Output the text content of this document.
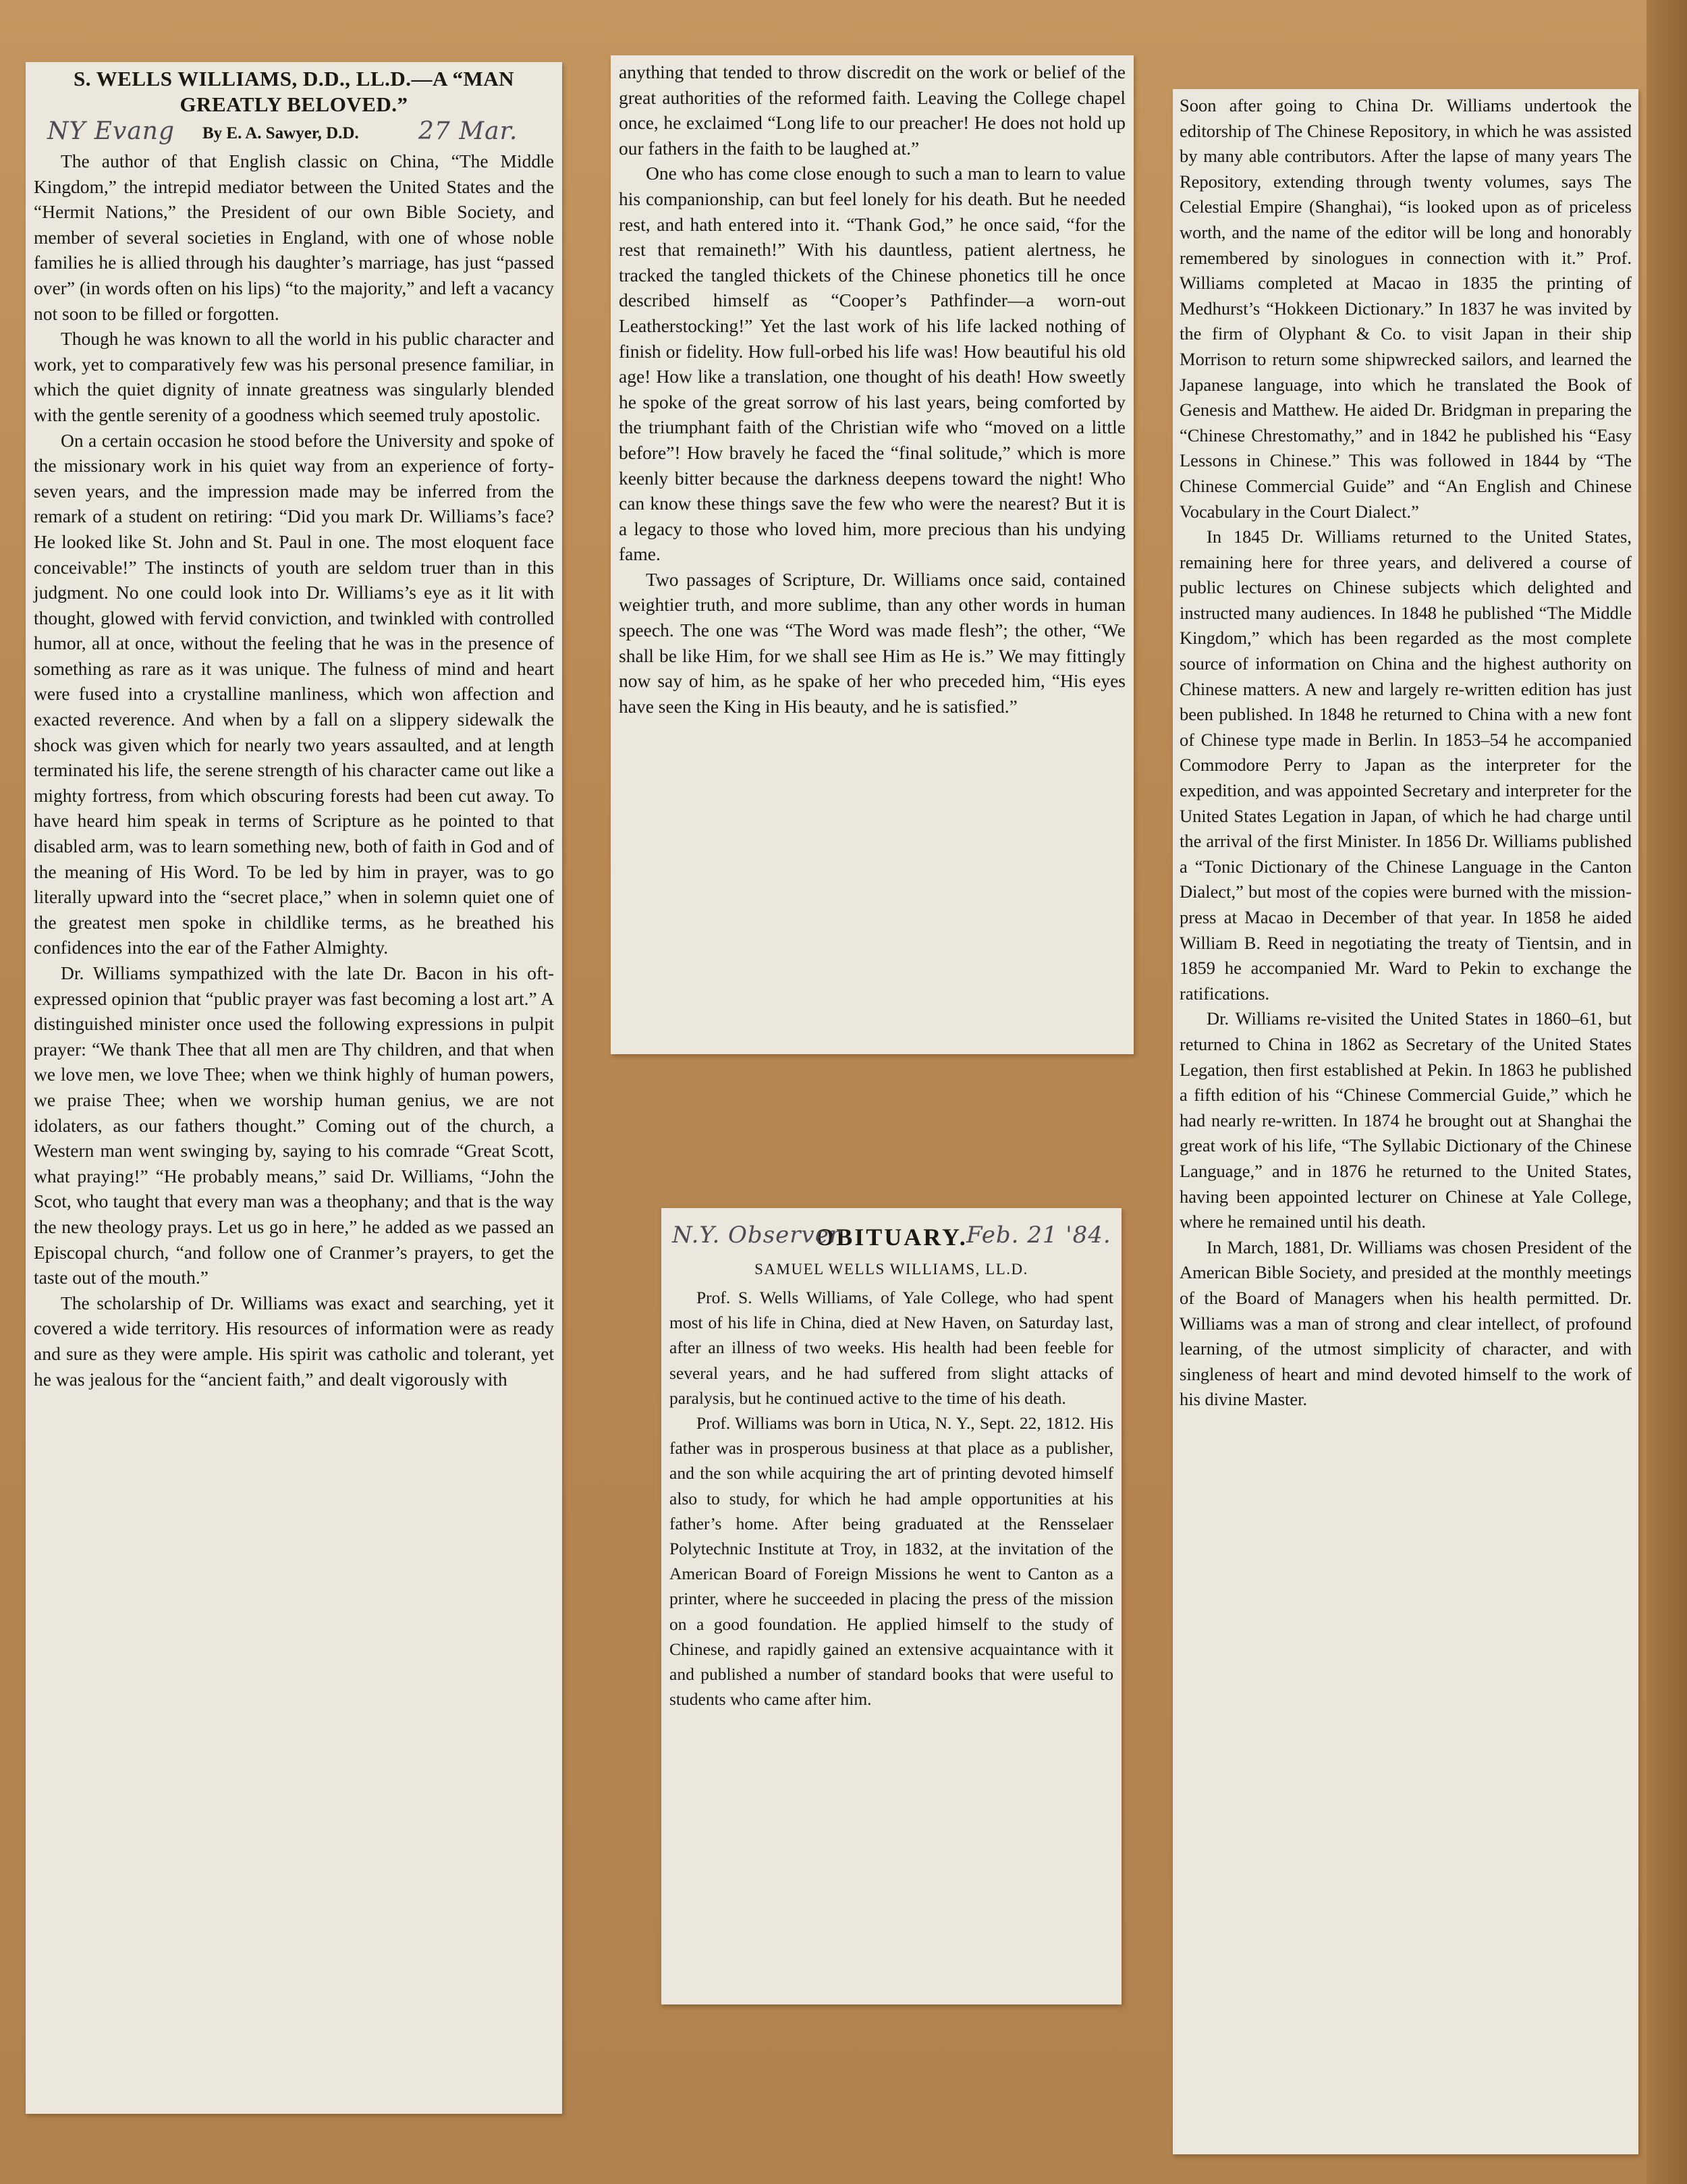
S. WELLS WILLIAMS, D.D., LL.D.—A “MAN GREATLY BELOVED.”
NY Evang By E. A. Sawyer, D.D. 27 Mar.

The author of that English classic on China, “The Middle Kingdom,” the intrepid mediator between the United States and the “Hermit Nations,” the President of our own Bible Society, and member of several societies in England, with one of whose noble families he is allied through his daughter’s marriage, has just “passed over” (in words often on his lips) “to the majority,” and left a vacancy not soon to be filled or forgotten.

Though he was known to all the world in his public character and work, yet to comparatively few was his personal presence familiar, in which the quiet dignity of innate greatness was singularly blended with the gentle serenity of a goodness which seemed truly apostolic.

On a certain occasion he stood before the University and spoke of the missionary work in his quiet way from an experience of forty-seven years, and the impression made may be inferred from the remark of a student on retiring: “Did you mark Dr. Williams’s face? He looked like St. John and St. Paul in one. The most eloquent face conceivable!” The instincts of youth are seldom truer than in this judgment. No one could look into Dr. Williams’s eye as it lit with thought, glowed with fervid conviction, and twinkled with controlled humor, all at once, without the feeling that he was in the presence of something as rare as it was unique. The fulness of mind and heart were fused into a crystalline manliness, which won affection and exacted reverence. And when by a fall on a slippery sidewalk the shock was given which for nearly two years assaulted, and at length terminated his life, the serene strength of his character came out like a mighty fortress, from which obscuring forests had been cut away. To have heard him speak in terms of Scripture as he pointed to that disabled arm, was to learn something new, both of faith in God and of the meaning of His Word. To be led by him in prayer, was to go literally upward into the “secret place,” when in solemn quiet one of the greatest men spoke in childlike terms, as he breathed his confidences into the ear of the Father Almighty.

Dr. Williams sympathized with the late Dr. Bacon in his oft-expressed opinion that “public prayer was fast becoming a lost art.” A distinguished minister once used the following expressions in pulpit prayer: “We thank Thee that all men are Thy children, and that when we love men, we love Thee; when we think highly of human powers, we praise Thee; when we worship human genius, we are not idolaters, as our fathers thought.” Coming out of the church, a Western man went swinging by, saying to his comrade “Great Scott, what praying!” “He probably means,” said Dr. Williams, “John the Scot, who taught that every man was a theophany; and that is the way the new theology prays. Let us go in here,” he added as we passed an Episcopal church, “and follow one of Cranmer’s prayers, to get the taste out of the mouth.”

The scholarship of Dr. Williams was exact and searching, yet it covered a wide territory. His resources of information were as ready and sure as they were ample. His spirit was catholic and tolerant, yet he was jealous for the “ancient faith,” and dealt vigorously with

anything that tended to throw discredit on the work or belief of the great authorities of the reformed faith. Leaving the College chapel once, he exclaimed “Long life to our preacher! He does not hold up our fathers in the faith to be laughed at.”

One who has come close enough to such a man to learn to value his companionship, can but feel lonely for his death. But he needed rest, and hath entered into it. “Thank God,” he once said, “for the rest that remaineth!” With his dauntless, patient alertness, he tracked the tangled thickets of the Chinese phonetics till he once described himself as “Cooper’s Pathfinder—a worn-out Leatherstocking!” Yet the last work of his life lacked nothing of finish or fidelity. How full-orbed his life was! How beautiful his old age! How like a translation, one thought of his death! How sweetly he spoke of the great sorrow of his last years, being comforted by the triumphant faith of the Christian wife who “moved on a little before”! How bravely he faced the “final solitude,” which is more keenly bitter because the darkness deepens toward the night! Who can know these things save the few who were the nearest? But it is a legacy to those who loved him, more precious than his undying fame.

Two passages of Scripture, Dr. Williams once said, contained weightier truth, and more sublime, than any other words in human speech. The one was “The Word was made flesh”; the other, “We shall be like Him, for we shall see Him as He is.” We may fittingly now say of him, as he spake of her who preceded him, “His eyes have seen the King in His beauty, and he is satisfied.”

N.Y. Observer	Feb. 21 '84.
OBITUARY.
SAMUEL WELLS WILLIAMS, LL.D.

Prof. S. Wells Williams, of Yale College, who had spent most of his life in China, died at New Haven, on Saturday last, after an illness of two weeks. His health had been feeble for several years, and he had suffered from slight attacks of paralysis, but he continued active to the time of his death.

Prof. Williams was born in Utica, N. Y., Sept. 22, 1812. His father was in prosperous business at that place as a publisher, and the son while acquiring the art of printing devoted himself also to study, for which he had ample opportunities at his father’s home. After being graduated at the Rensselaer Polytechnic Institute at Troy, in 1832, at the invitation of the American Board of Foreign Missions he went to Canton as a printer, where he succeeded in placing the press of the mission on a good foundation. He applied himself to the study of Chinese, and rapidly gained an extensive acquaintance with it and published a number of standard books that were useful to students who came after him.

Soon after going to China Dr. Williams undertook the editorship of The Chinese Repository, in which he was assisted by many able contributors. After the lapse of many years The Repository, extending through twenty volumes, says The Celestial Empire (Shanghai), “is looked upon as of priceless worth, and the name of the editor will be long and honorably remembered by sinologues in connection with it.” Prof. Williams completed at Macao in 1835 the printing of Medhurst’s “Hokkeen Dictionary.” In 1837 he was invited by the firm of Olyphant & Co. to visit Japan in their ship Morrison to return some shipwrecked sailors, and learned the Japanese language, into which he translated the Book of Genesis and Matthew. He aided Dr. Bridgman in preparing the “Chinese Chrestomathy,” and in 1842 he published his “Easy Lessons in Chinese.” This was followed in 1844 by “The Chinese Commercial Guide” and “An English and Chinese Vocabulary in the Court Dialect.”

In 1845 Dr. Williams returned to the United States, remaining here for three years, and delivered a course of public lectures on Chinese subjects which delighted and instructed many audiences. In 1848 he published “The Middle Kingdom,” which has been regarded as the most complete source of information on China and the highest authority on Chinese matters. A new and largely re-written edition has just been published. In 1848 he returned to China with a new font of Chinese type made in Berlin. In 1853–54 he accompanied Commodore Perry to Japan as the interpreter for the expedition, and was appointed Secretary and interpreter for the United States Legation in Japan, of which he had charge until the arrival of the first Minister. In 1856 Dr. Williams published a “Tonic Dictionary of the Chinese Language in the Canton Dialect,” but most of the copies were burned with the mission-press at Macao in December of that year. In 1858 he aided William B. Reed in negotiating the treaty of Tientsin, and in 1859 he accompanied Mr. Ward to Pekin to exchange the ratifications.

Dr. Williams re-visited the United States in 1860–61, but returned to China in 1862 as Secretary of the United States Legation, then first established at Pekin. In 1863 he published a fifth edition of his “Chinese Commercial Guide,” which he had nearly re-written. In 1874 he brought out at Shanghai the great work of his life, “The Syllabic Dictionary of the Chinese Language,” and in 1876 he returned to the United States, having been appointed lecturer on Chinese at Yale College, where he remained until his death.

In March, 1881, Dr. Williams was chosen President of the American Bible Society, and presided at the monthly meetings of the Board of Managers when his health permitted. Dr. Williams was a man of strong and clear intellect, of profound learning, of the utmost simplicity of character, and with singleness of heart and mind devoted himself to the work of his divine Master.
